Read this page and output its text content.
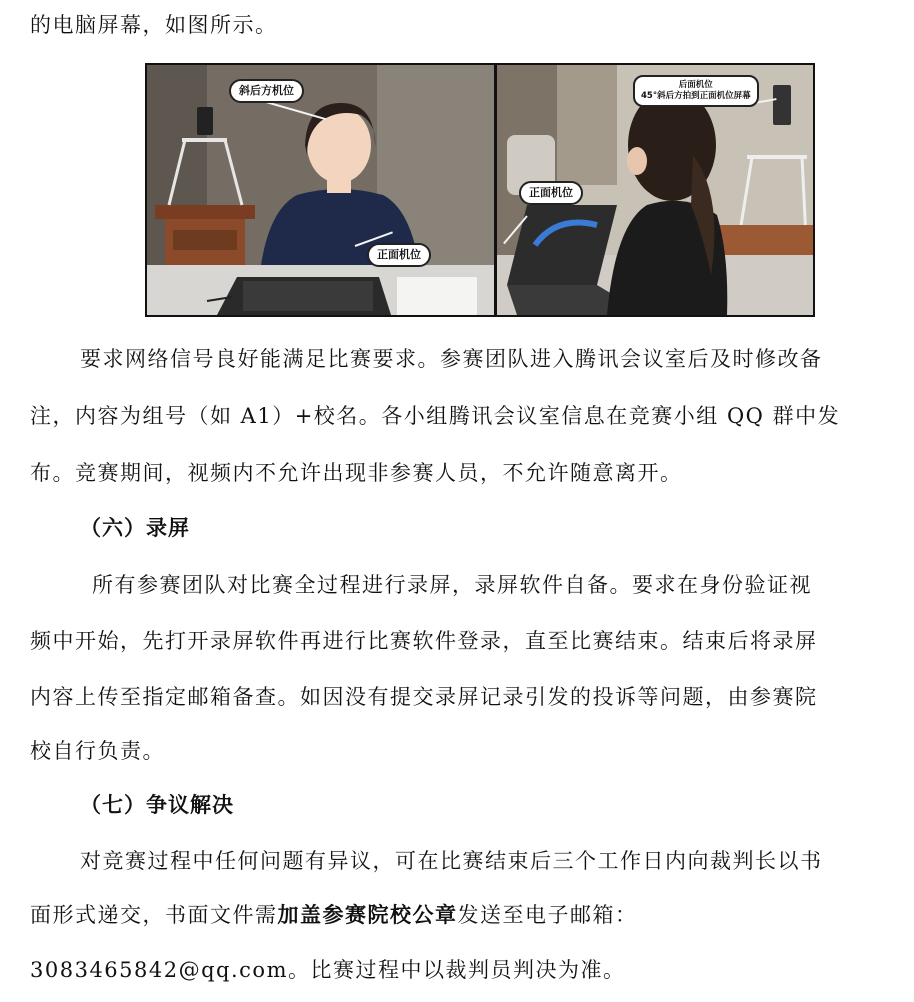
的电脑屏幕，如图所示。
斜后方机位
正面机位
后面机位
45°斜后方拍到正面机位屏幕
正面机位
要求网络信号良好能满足比赛要求。参赛团队进入腾讯会议室后及时修改备
注，内容为组号（如 A1）+校名。各小组腾讯会议室信息在竞赛小组 QQ 群中发
布。竞赛期间，视频内不允许出现非参赛人员，不允许随意离开。
（六）录屏
所有参赛团队对比赛全过程进行录屏，录屏软件自备。要求在身份验证视
频中开始，先打开录屏软件再进行比赛软件登录，直至比赛结束。结束后将录屏
内容上传至指定邮箱备查。如因没有提交录屏记录引发的投诉等问题，由参赛院
校自行负责。
（七）争议解决
对竞赛过程中任何问题有异议，可在比赛结束后三个工作日内向裁判长以书
面形式递交，书面文件需加盖参赛院校公章发送至电子邮箱：
3083465842@qq.com。比赛过程中以裁判员判决为准。
